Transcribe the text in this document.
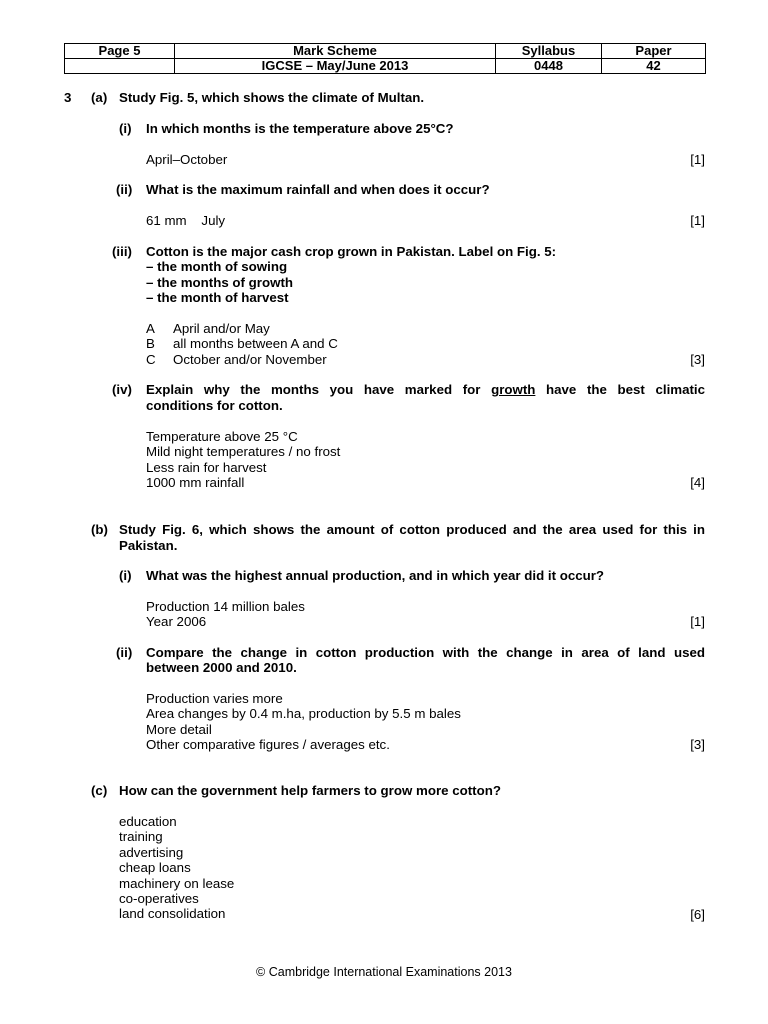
Page 5	Mark Scheme	Syllabus	Paper
	IGCSE – May/June 2013	0448	42
3 (a) Study Fig. 5, which shows the climate of Multan.
(i) In which months is the temperature above 25°C?
April–October	[1]
(ii) What is the maximum rainfall and when does it occur?
61 mm    July	[1]
(iii) Cotton is the major cash crop grown in Pakistan. Label on Fig. 5:
– the month of sowing
– the months of growth
– the month of harvest
A April and/or May
B all months between A and C
C October and/or November	[3]
(iv) Explain why the months you have marked for growth have the best climatic
conditions for cotton.
Temperature above 25 °C
Mild night temperatures / no frost
Less rain for harvest
1000 mm rainfall	[4]
(b) Study Fig. 6, which shows the amount of cotton produced and the area used for this in
Pakistan.
(i) What was the highest annual production, and in which year did it occur?
Production 14 million bales
Year 2006	[1]
(ii) Compare the change in cotton production with the change in area of land used
between 2000 and 2010.
Production varies more
Area changes by 0.4 m.ha, production by 5.5 m bales
More detail
Other comparative figures / averages etc.	[3]
(c) How can the government help farmers to grow more cotton?
education
training
advertising
cheap loans
machinery on lease
co-operatives
land consolidation	[6]
© Cambridge International Examinations 2013
